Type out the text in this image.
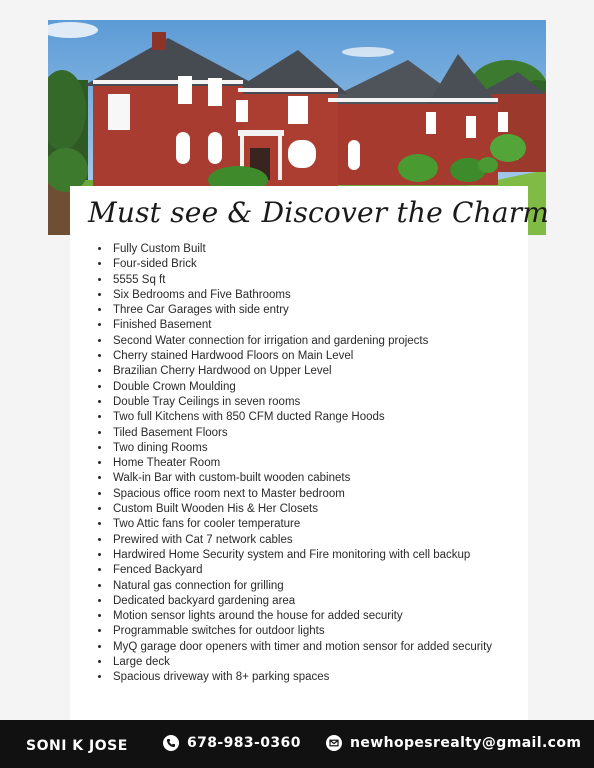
Must see & Discover the Charm
• Fully Custom Built
• Four-sided Brick
• 5555 Sq ft
• Six Bedrooms and Five Bathrooms
• Three Car Garages with side entry
• Finished Basement
• Second Water connection for irrigation and gardening projects
• Cherry stained Hardwood Floors on Main Level
• Brazilian Cherry Hardwood on Upper Level
• Double Crown Moulding
• Double Tray Ceilings in seven rooms
• Two full Kitchens with 850 CFM ducted Range Hoods
• Tiled Basement Floors
• Two dining Rooms
• Home Theater Room
• Walk-in Bar with custom-built wooden cabinets
• Spacious office room next to Master bedroom
• Custom Built Wooden His & Her Closets
• Two Attic fans for cooler temperature
• Prewired with Cat 7 network cables
• Hardwired Home Security system and Fire monitoring with cell backup
• Fenced Backyard
• Natural gas connection for grilling
• Dedicated backyard gardening area
• Motion sensor lights around the house for added security
• Programmable switches for outdoor lights
• MyQ garage door openers with timer and motion sensor for added security
• Large deck
• Spacious driveway with 8+ parking spaces
SONI K JOSE	678-983-0360	newhopesrealty@gmail.com
